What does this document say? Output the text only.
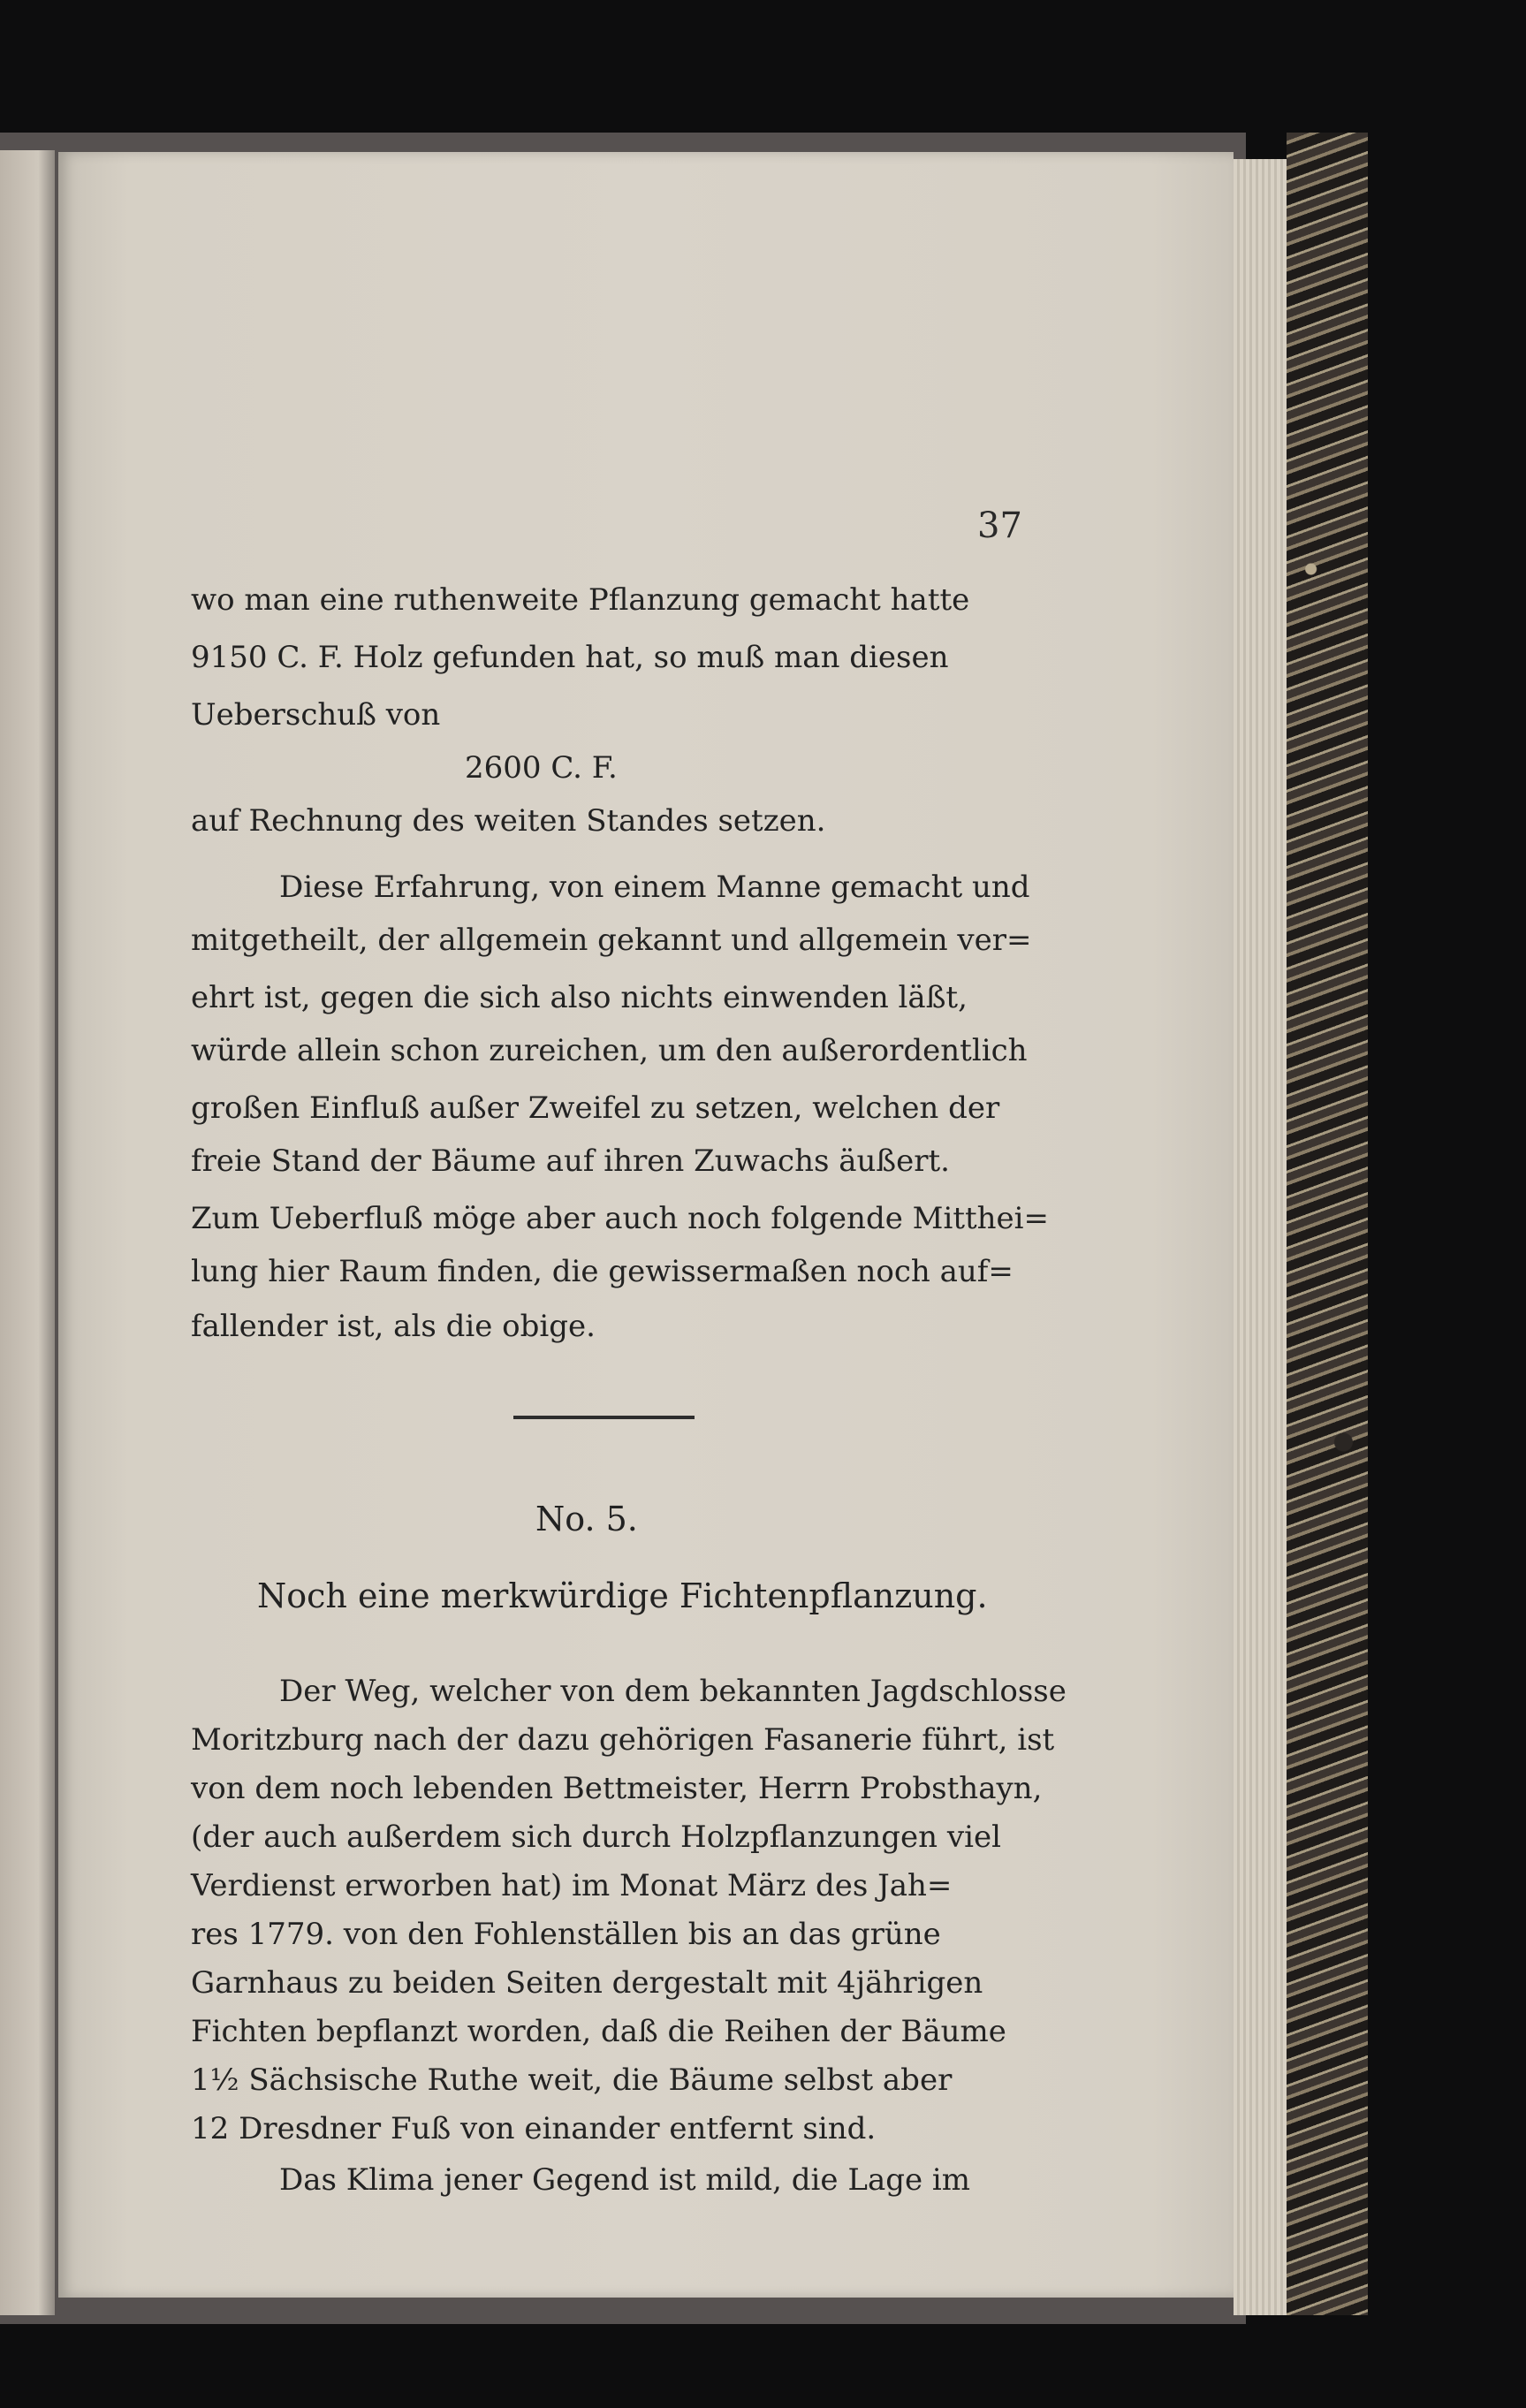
37
wo man eine ruthenweite Pflanzung gemacht hatte
9150 C. F. Holz gefunden hat, so muß man diesen
Ueberschuß von
2600 C. F.
auf Rechnung des weiten Standes setzen.
Diese Erfahrung, von einem Manne gemacht und
mitgetheilt, der allgemein gekannt und allgemein ver=
ehrt ist, gegen die sich also nichts einwenden läßt,
würde allein schon zureichen, um den außerordentlich
großen Einfluß außer Zweifel zu setzen, welchen der
freie Stand der Bäume auf ihren Zuwachs äußert.
Zum Ueberfluß möge aber auch noch folgende Mitthei=
lung hier Raum finden, die gewissermaßen noch auf=
fallender ist, als die obige.
No. 5.
Noch eine merkwürdige Fichtenpflanzung.
Der Weg, welcher von dem bekannten Jagdschlosse
Moritzburg nach der dazu gehörigen Fasanerie führt, ist
von dem noch lebenden Bettmeister, Herrn Probsthayn,
(der auch außerdem sich durch Holzpflanzungen viel
Verdienst erworben hat) im Monat März des Jah=
res 1779. von den Fohlenställen bis an das grüne
Garnhaus zu beiden Seiten dergestalt mit 4jährigen
Fichten bepflanzt worden, daß die Reihen der Bäume
1½ Sächsische Ruthe weit, die Bäume selbst aber
12 Dresdner Fuß von einander entfernt sind.
Das Klima jener Gegend ist mild, die Lage im
